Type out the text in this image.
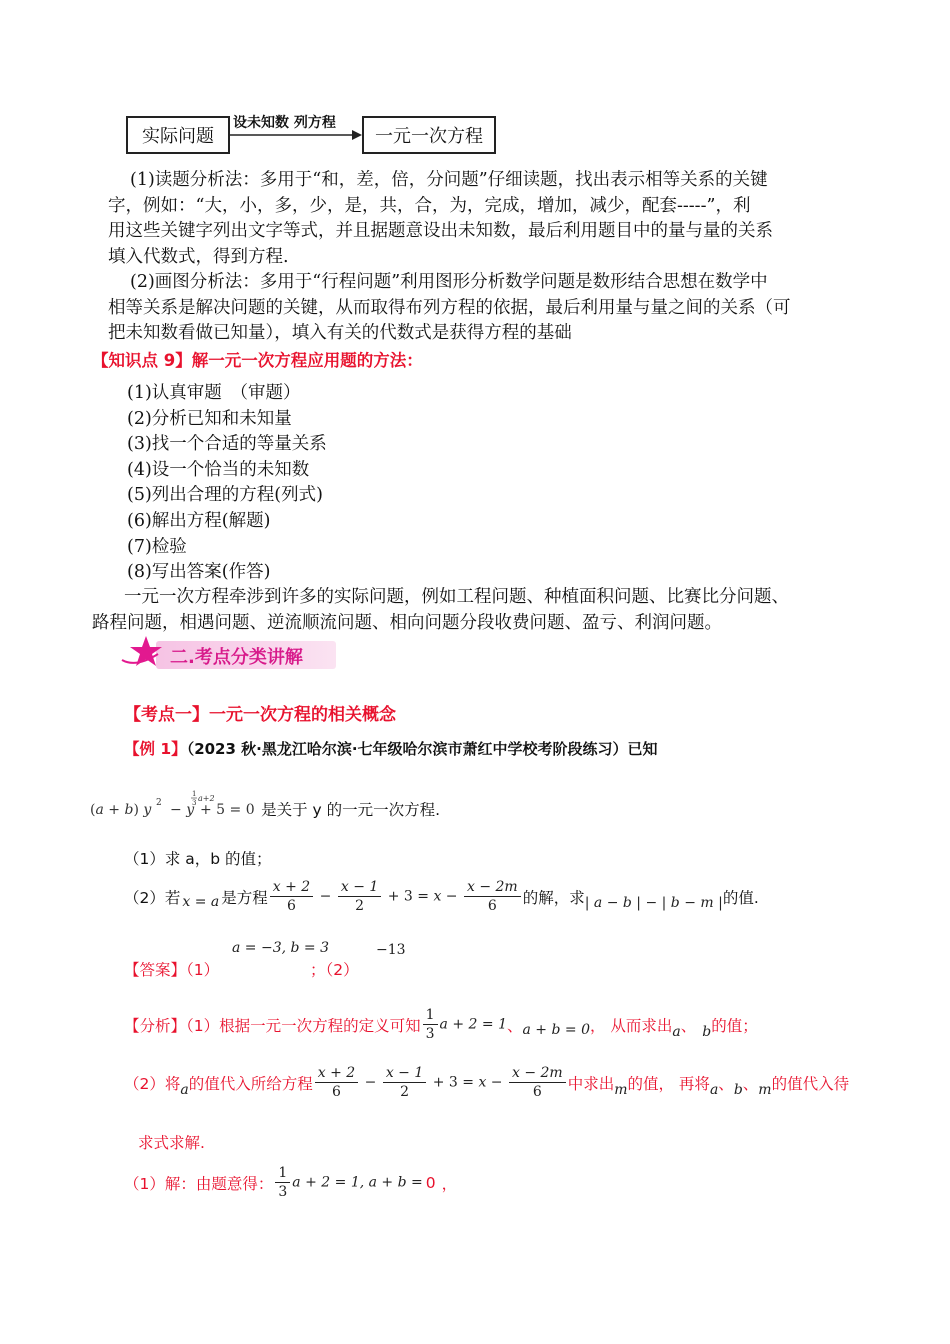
实际问题
设未知数 列方程
一元一次方程
(1)读题分析法：多用于“和，差，倍，分问题”仔细读题，找出表示相等关系的关键
字，例如：“大，小，多，少，是，共，合，为，完成，增加，减少，配套-----”，利
用这些关键字列出文字等式，并且据题意设出未知数，最后利用题目中的量与量的关系
填入代数式，得到方程.
(2)画图分析法：多用于“行程问题”利用图形分析数学问题是数形结合思想在数学中
相等关系是解决问题的关键，从而取得布列方程的依据，最后利用量与量之间的关系（可
把未知数看做已知量），填入有关的代数式是获得方程的基础
【知识点 9】解一元一次方程应用题的方法：
(1)认真审题　（审题）
(2)分析已知和未知量
(3)找一个合适的等量关系
(4)设一个恰当的未知数
(5)列出合理的方程(列式)
(6)解出方程(解题)
(7)检验
(8)写出答案(作答)
一元一次方程牵涉到许多的实际问题，例如工程问题、种植面积问题、比赛比分问题、
路程问题，相遇问题、逆流顺流问题、相向问题分段收费问题、盈亏、利润问题。
二.考点分类讲解
【考点一】一元一次方程的相关概念
【例 1】（2023 秋·黑龙江哈尔滨·七年级哈尔滨市萧红中学校考阶段练习）已知
(a + b) y 2 − y
1
3 a+2
+ 5 = 0 是关于 y 的一元一次方程.
（1）求 a，b 的值；
（2）若 x = a 是方程 $\frac{x + 2}{6} - \frac{x - 1}{2} + 3 = x - \frac{x - 2m}{6}$ 的解，求 | a − b | − | b − m | 的值.
【答案】（1）
a = −3, b = 3
；（2）
−13
【分析】（1）根据一元一次方程的定义可知 $\frac{1}{3}$ a + 2 = 1 、 a + b = 0 ， 从而求出 a 、 b 的值；
（2）将 a 的值代入所给方程 $\frac{x + 2}{6} - \frac{x - 1}{2} + 3 = x - \frac{x - 2m}{6}$ 中求出 m 的值， 再将 a 、 b 、 m 的值代入待
求式求解.
（1）解：由题意得： $\frac{1}{3}$ a + 2 = 1, a + b = 0 ，
